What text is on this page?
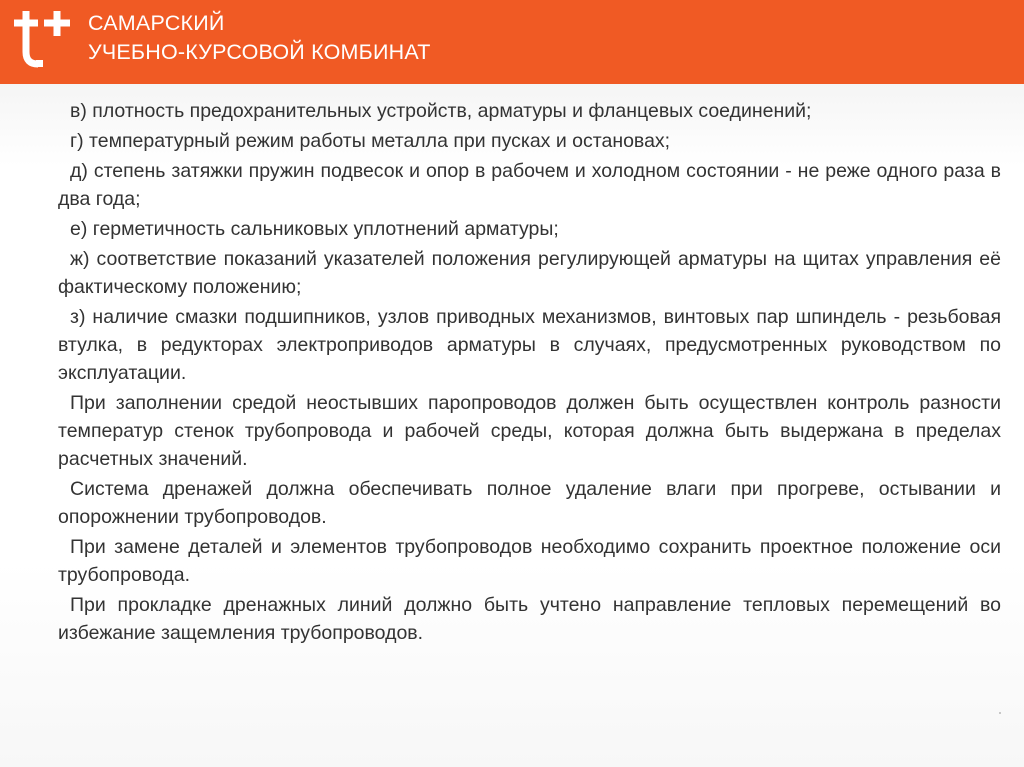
САМАРСКИЙ
УЧЕБНО-КУРСОВОЙ КОМБИНАТ

в) плотность предохранительных устройств, арматуры и фланцевых соединений;

г) температурный режим работы металла при пусках и остановах;

д) степень затяжки пружин подвесок и опор в рабочем и холодном состоянии - не реже одного раза в два года;

е) герметичность сальниковых уплотнений арматуры;

ж) соответствие показаний указателей положения регулирующей арматуры на щитах управления её фактическому положению;

з) наличие смазки подшипников, узлов приводных механизмов, винтовых пар шпиндель - резьбовая втулка, в редукторах электроприводов арматуры в случаях, предусмотренных руководством по эксплуатации.

При заполнении средой неостывших паропроводов должен быть осуществлен контроль разности температур стенок трубопровода и рабочей среды, которая должна быть выдержана в пределах расчетных значений.

Система дренажей должна обеспечивать полное удаление влаги при прогреве, остывании и опорожнении трубопроводов.

При замене деталей и элементов трубопроводов необходимо сохранить проектное положение оси трубопровода.

При прокладке дренажных линий должно быть учтено направление тепловых перемещений во избежание защемления трубопроводов.
